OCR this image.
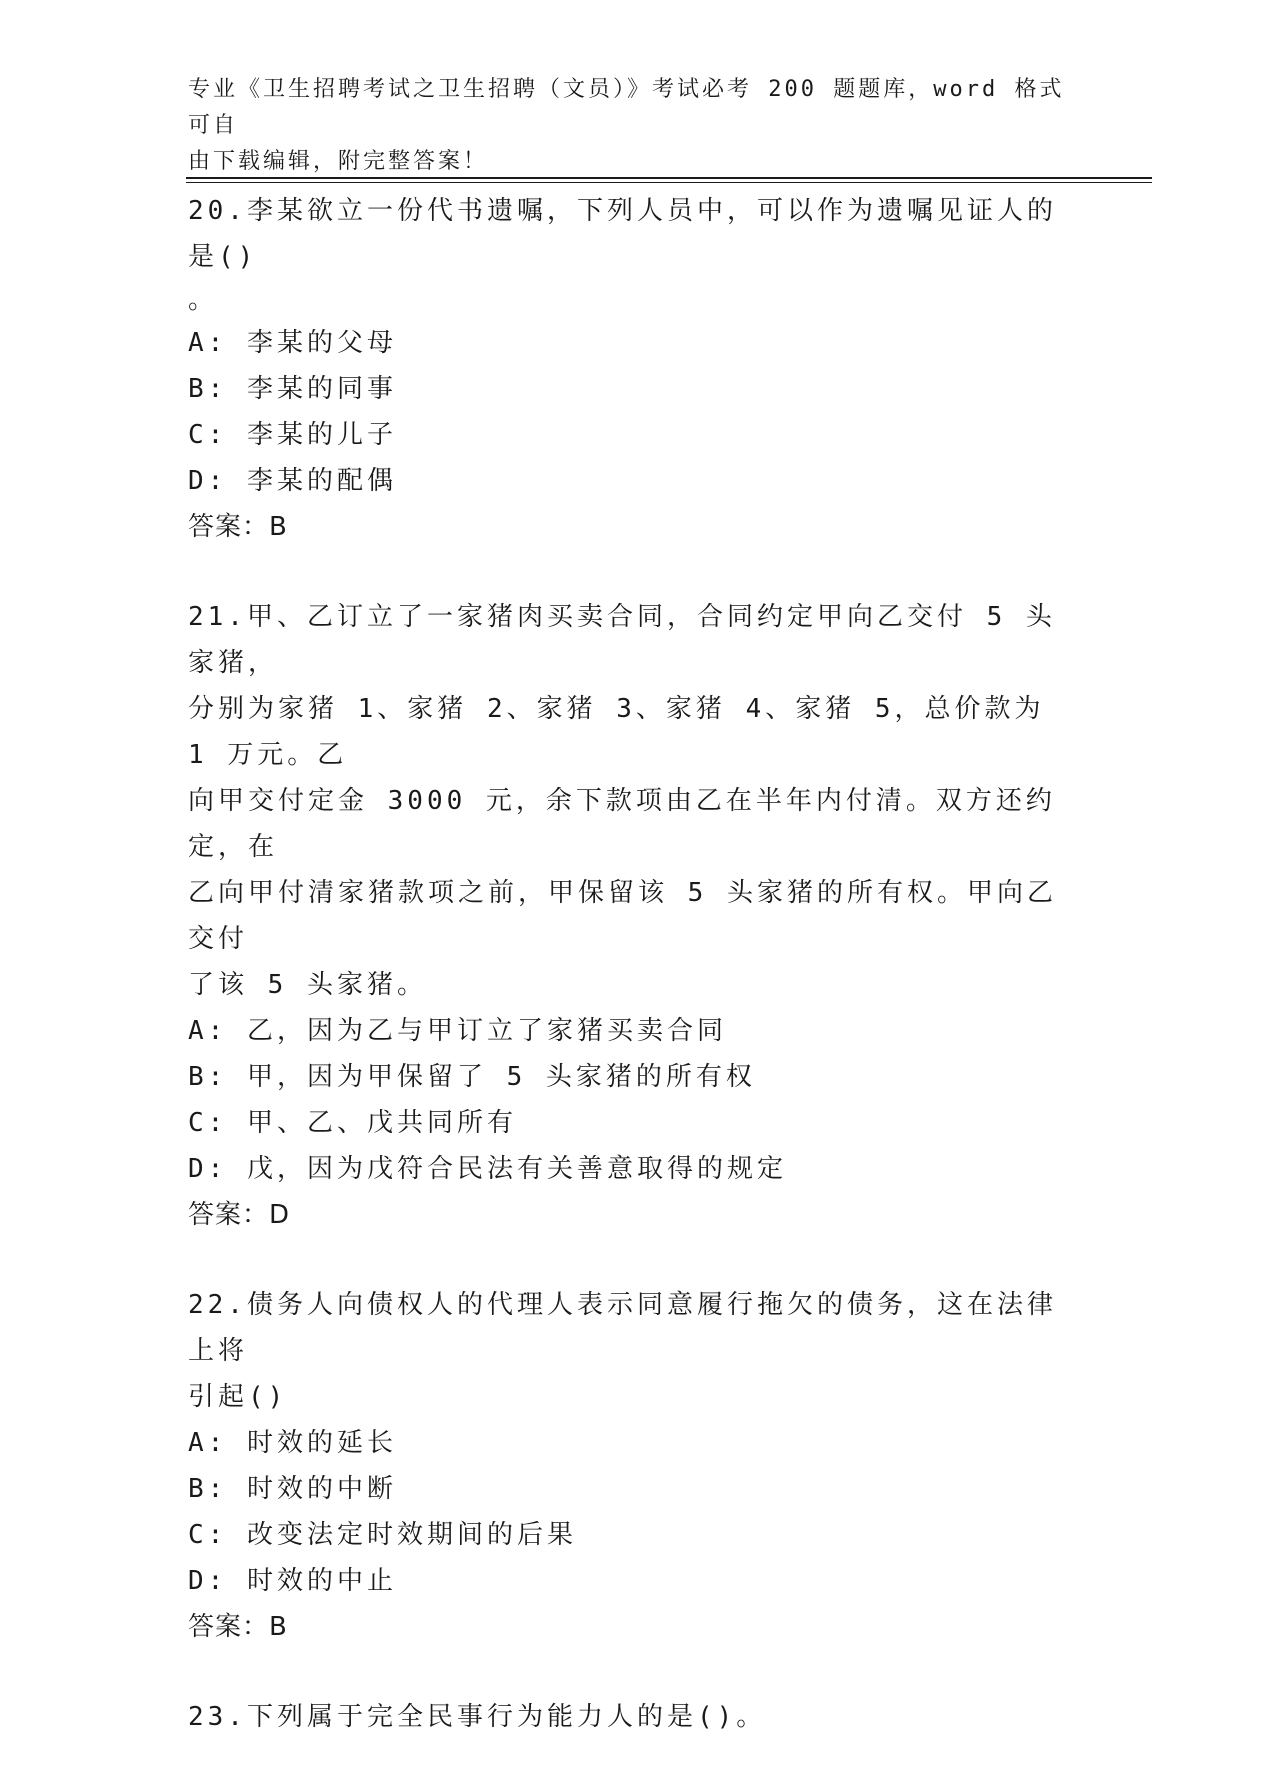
专业《卫生招聘考试之卫生招聘（文员）》考试必考 200 题题库，word 格式可自
由下载编辑，附完整答案！

20.李某欲立一份代书遗嘱，下列人员中，可以作为遗嘱见证人的是()

。

A: 李某的父母

B: 李某的同事

C: 李某的儿子

D: 李某的配偶

答案：B

21.甲、乙订立了一家猪肉买卖合同，合同约定甲向乙交付 5 头家猪，

分别为家猪 1、家猪 2、家猪 3、家猪 4、家猪 5，总价款为 1 万元。乙

向甲交付定金 3000 元，余下款项由乙在半年内付清。双方还约定，在

乙向甲付清家猪款项之前，甲保留该 5 头家猪的所有权。甲向乙交付

了该 5 头家猪。

A: 乙，因为乙与甲订立了家猪买卖合同

B: 甲，因为甲保留了 5 头家猪的所有权

C: 甲、乙、戊共同所有

D: 戊，因为戊符合民法有关善意取得的规定

答案：D

22.债务人向债权人的代理人表示同意履行拖欠的债务，这在法律上将

引起()

A: 时效的延长

B: 时效的中断

C: 改变法定时效期间的后果

D: 时效的中止

答案：B

23.下列属于完全民事行为能力人的是()。
